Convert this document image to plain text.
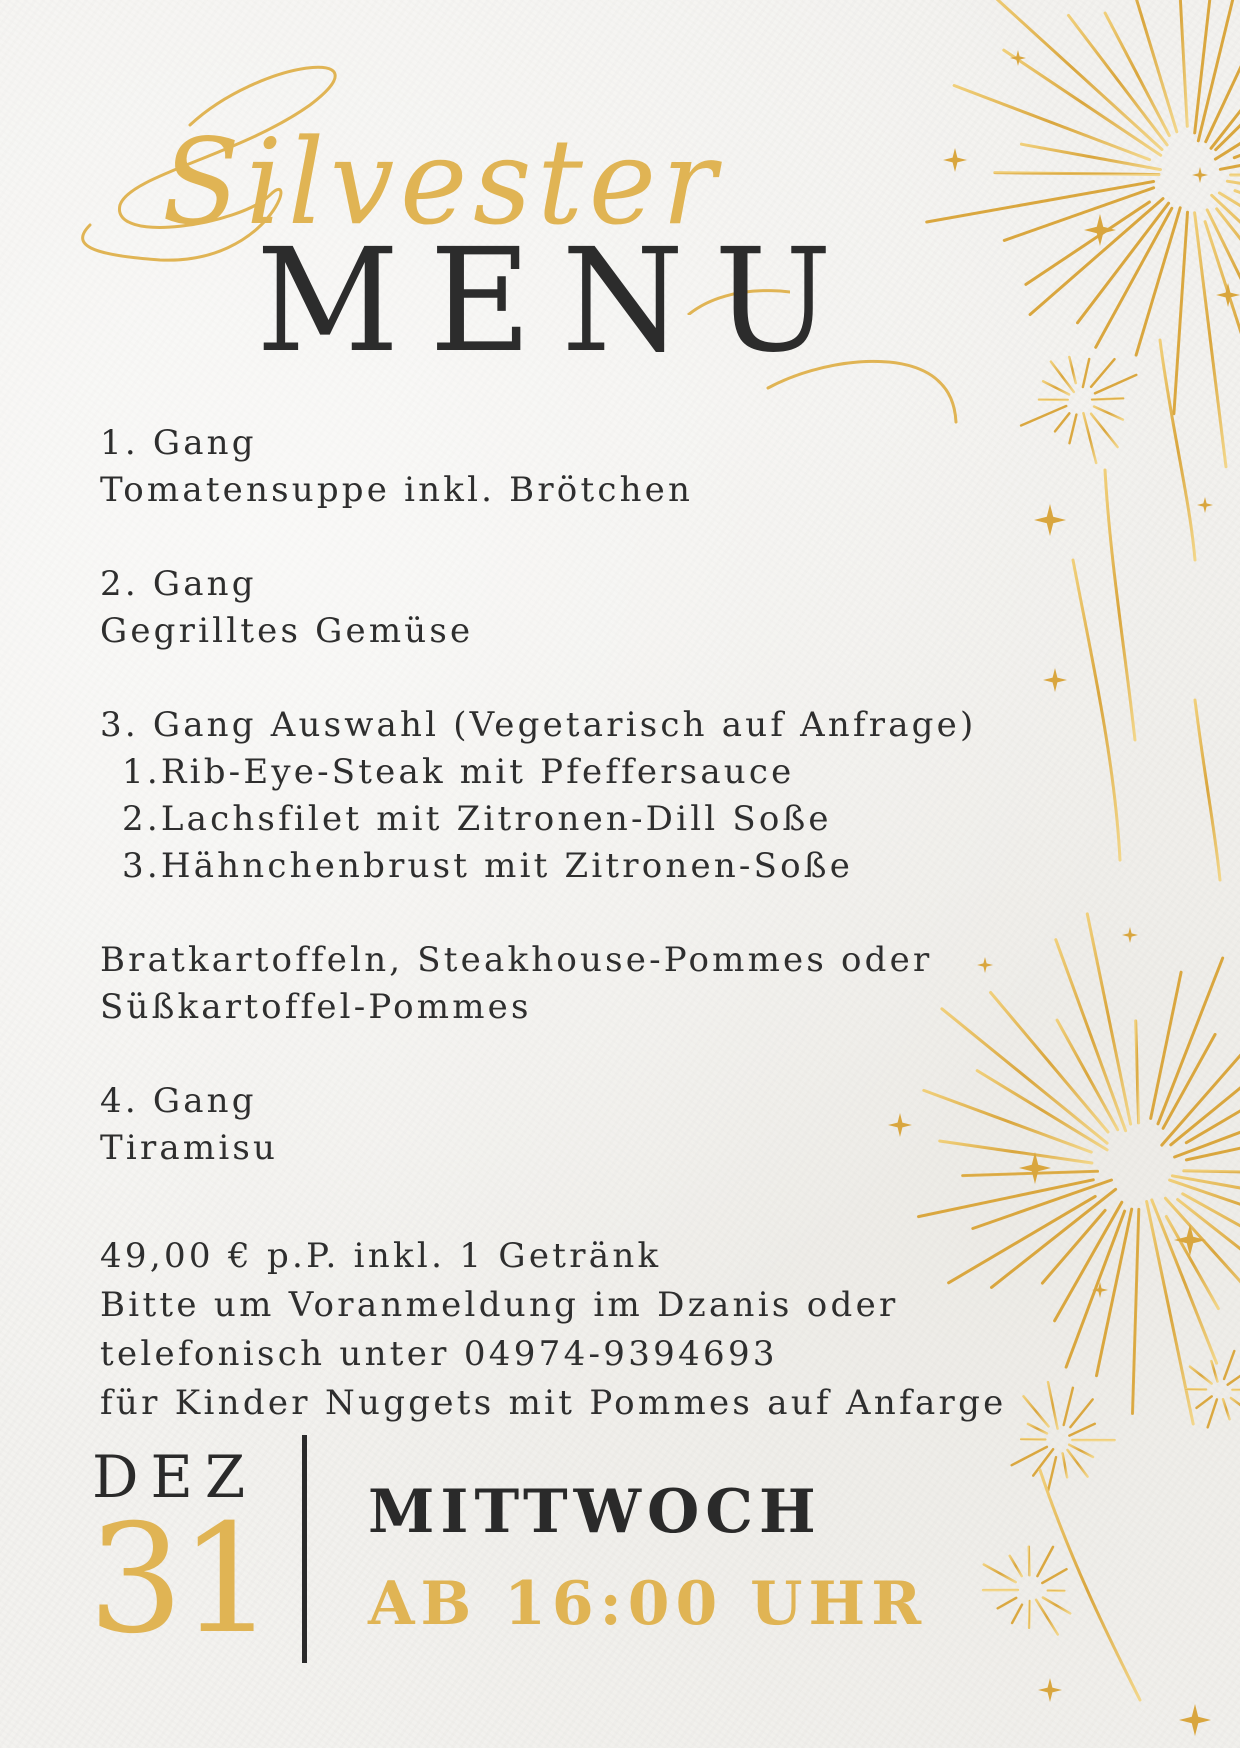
Silvester
MENU
1. Gang
Tomatensuppe inkl. Brötchen
2. Gang
Gegrilltes Gemüse
3. Gang Auswahl (Vegetarisch auf Anfrage)
1.Rib-Eye-Steak mit Pfeffersauce
2.Lachsfilet mit Zitronen-Dill Soße
3.Hähnchenbrust mit Zitronen-Soße
Bratkartoffeln, Steakhouse-Pommes oder
Süßkartoffel-Pommes
4. Gang
Tiramisu
49,00 € p.P. inkl. 1 Getränk
Bitte um Voranmeldung im Dzanis oder
telefonisch unter 04974-9394693
für Kinder Nuggets mit Pommes auf Anfarge
DEZ
31 MITTWOCH
AB 16:00 UHR
